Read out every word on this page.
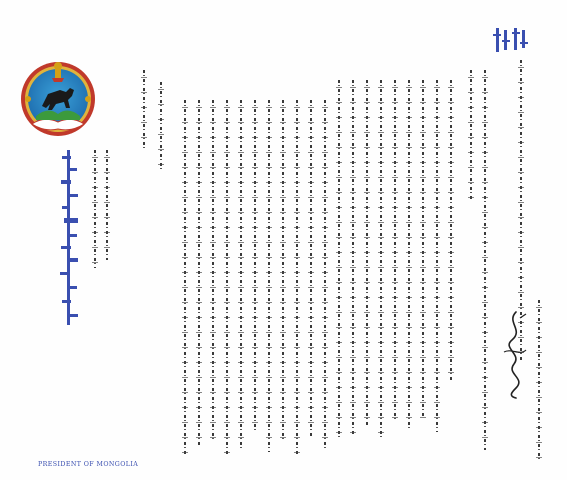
PRESIDENT OF MONGOLIA
